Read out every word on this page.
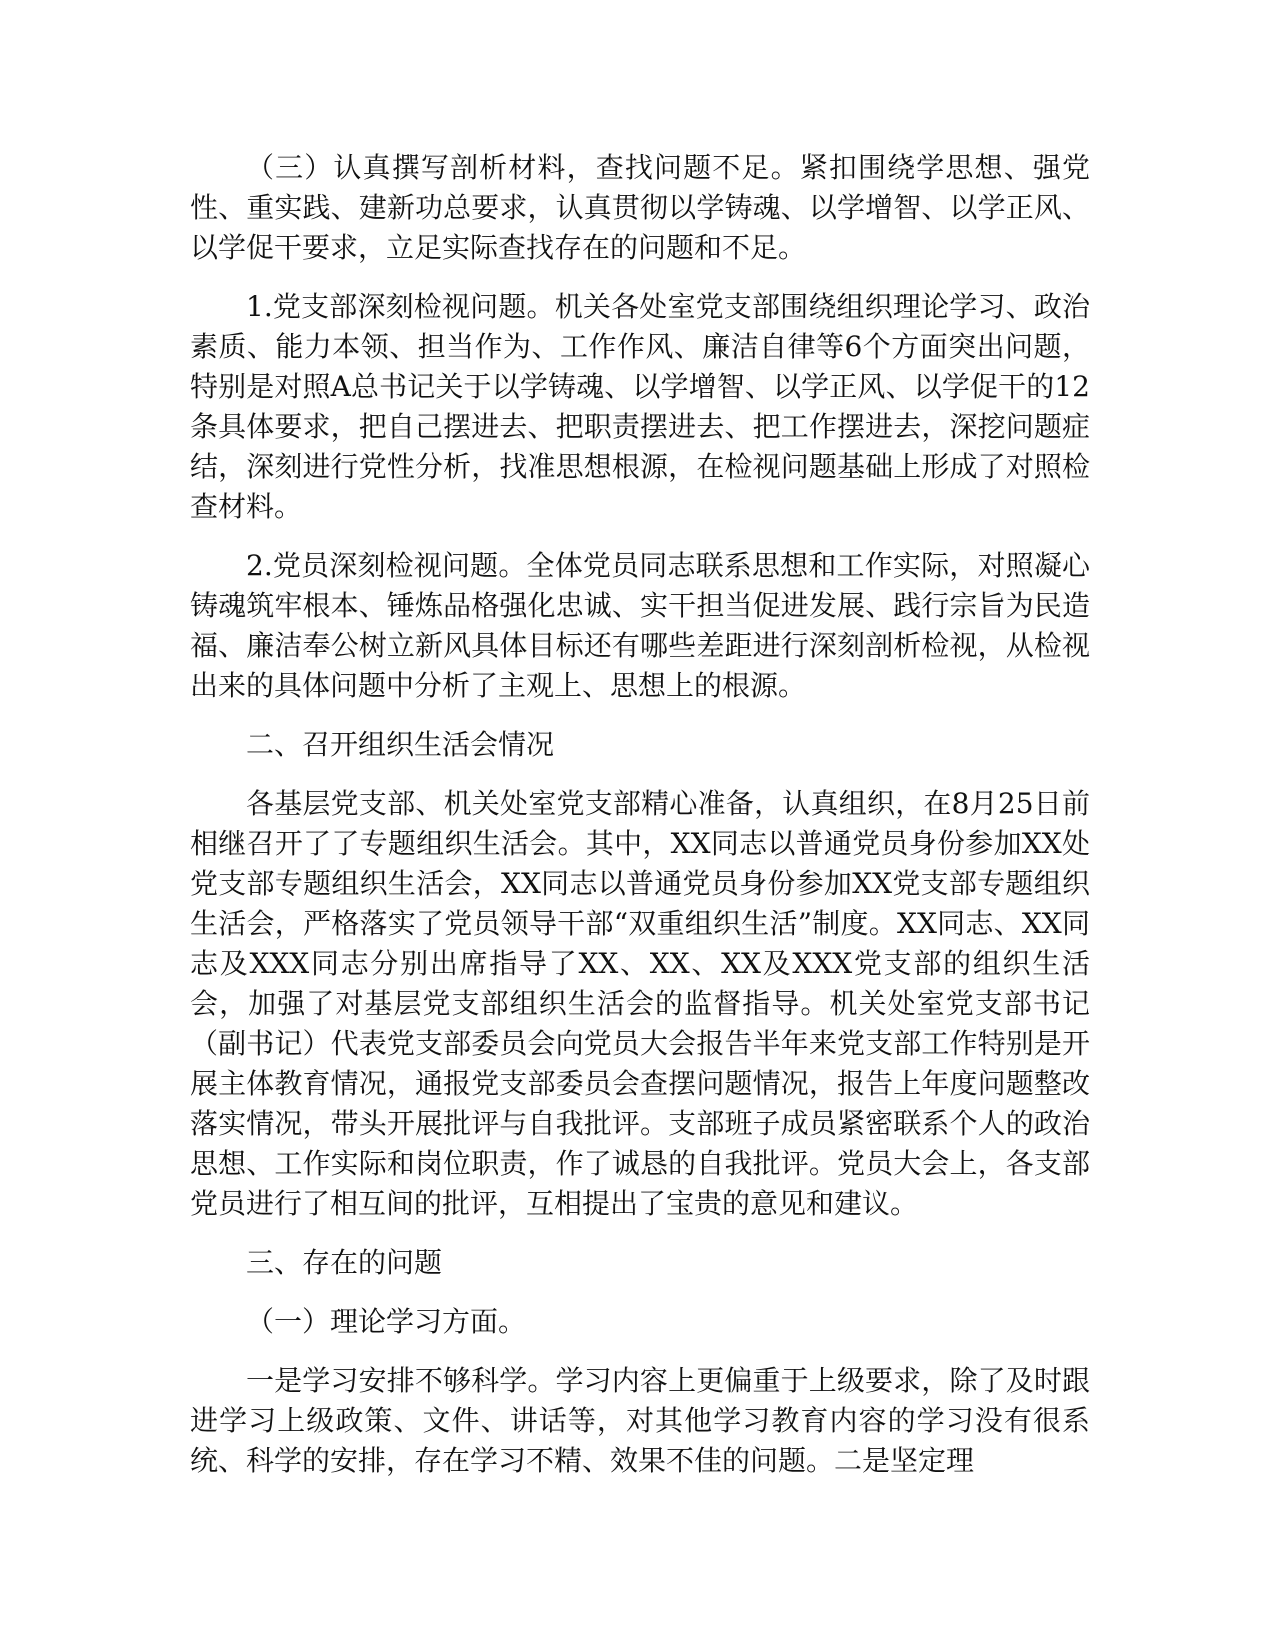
（三）认真撰写剖析材料，查找问题不足。紧扣围绕学思想、强党性、重实践、建新功总要求，认真贯彻以学铸魂、以学增智、以学正风、以学促干要求，立足实际查找存在的问题和不足。

1.党支部深刻检视问题。机关各处室党支部围绕组织理论学习、政治素质、能力本领、担当作为、工作作风、廉洁自律等6个方面突出问题，特别是对照A总书记关于以学铸魂、以学增智、以学正风、以学促干的12条具体要求，把自己摆进去、把职责摆进去、把工作摆进去，深挖问题症结，深刻进行党性分析，找准思想根源，在检视问题基础上形成了对照检查材料。

2.党员深刻检视问题。全体党员同志联系思想和工作实际，对照凝心铸魂筑牢根本、锤炼品格强化忠诚、实干担当促进发展、践行宗旨为民造福、廉洁奉公树立新风具体目标还有哪些差距进行深刻剖析检视，从检视出来的具体问题中分析了主观上、思想上的根源。

二、召开组织生活会情况

各基层党支部、机关处室党支部精心准备，认真组织，在8月25日前相继召开了了专题组织生活会。其中，XX同志以普通党员身份参加XX处党支部专题组织生活会，XX同志以普通党员身份参加XX党支部专题组织生活会，严格落实了党员领导干部“双重组织生活”制度。XX同志、XX同志及XXX同志分别出席指导了XX、XX、XX及XXX党支部的组织生活会，加强了对基层党支部组织生活会的监督指导。机关处室党支部书记（副书记）代表党支部委员会向党员大会报告半年来党支部工作特别是开展主体教育情况，通报党支部委员会查摆问题情况，报告上年度问题整改落实情况，带头开展批评与自我批评。支部班子成员紧密联系个人的政治思想、工作实际和岗位职责，作了诚恳的自我批评。党员大会上，各支部党员进行了相互间的批评，互相提出了宝贵的意见和建议。

三、存在的问题

（一）理论学习方面。

一是学习安排不够科学。学习内容上更偏重于上级要求，除了及时跟进学习上级政策、文件、讲话等，对其他学习教育内容的学习没有很系统、科学的安排，存在学习不精、效果不佳的问题。二是坚定理
